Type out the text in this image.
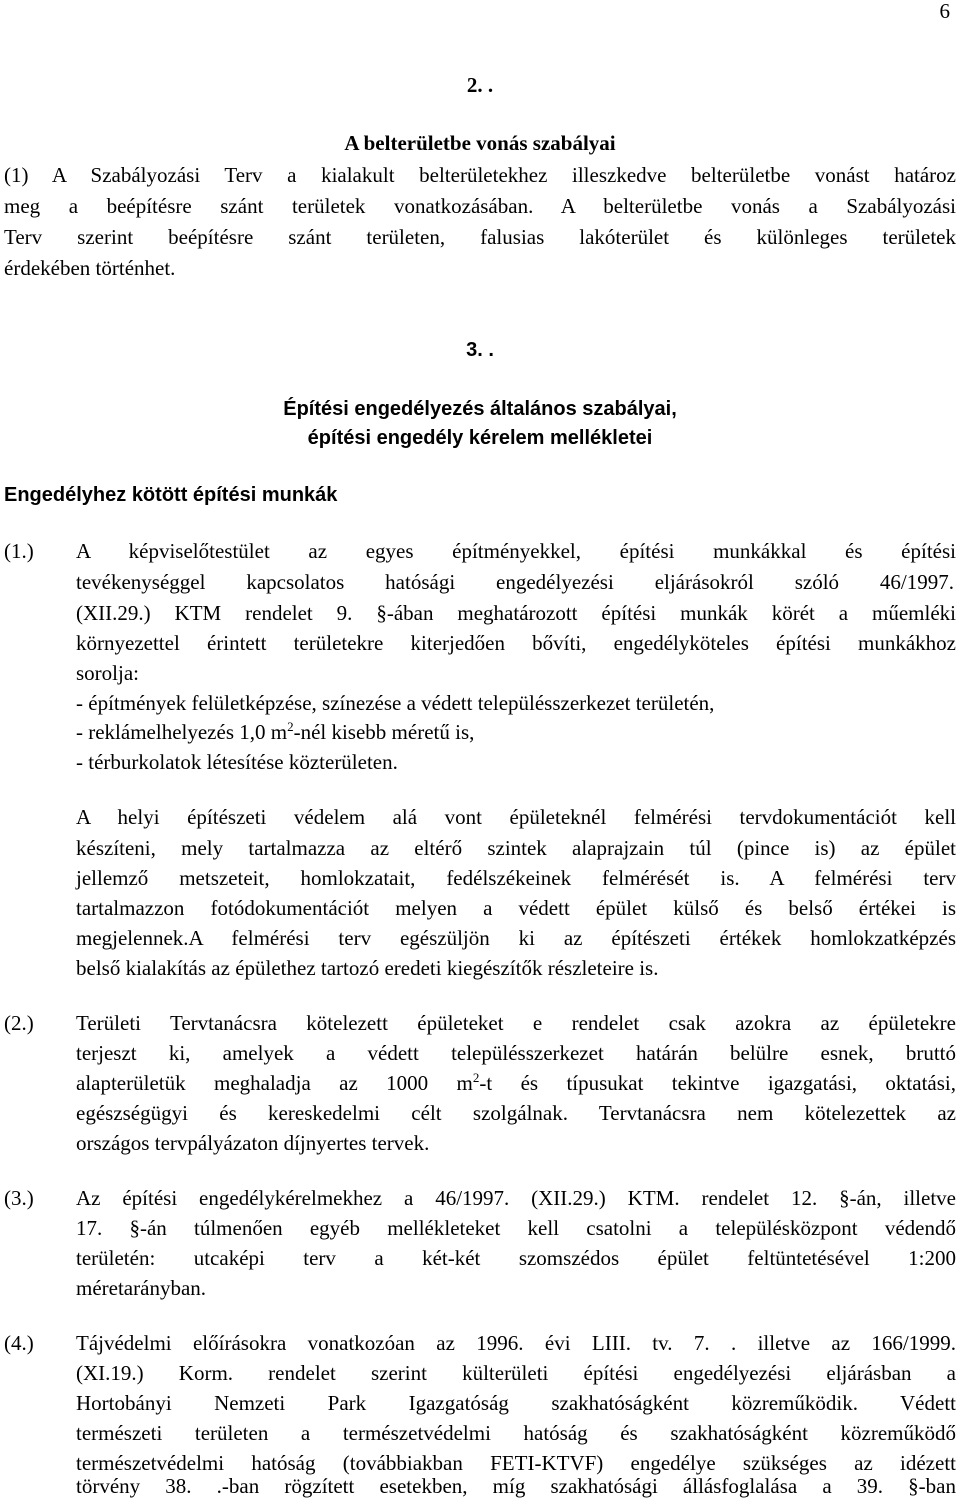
6
2. .
A belterületbe vonás szabályai
(1) A Szabályozási Terv a kialakult belterületekhez illeszkedve belterületbe vonást határoz
meg a beépítésre szánt területek vonatkozásában. A belterületbe vonás a Szabályozási
Terv szerint beépítésre szánt területen, falusias lakóterület és különleges területek
érdekében történhet.
3. .
Építési engedélyezés általános szabályai,
építési engedély kérelem mellékletei
Engedélyhez kötött építési munkák
(1.) A képviselőtestület az egyes építményekkel, építési munkákkal és építési
tevékenységgel kapcsolatos hatósági engedélyezési eljárásokról szóló 46/1997.
(XII.29.) KTM rendelet 9. §-ában meghatározott építési munkák körét a műemléki
környezettel érintett területekre kiterjedően bővíti, engedélyköteles építési munkákhoz
sorolja:
- építmények felületképzése, színezése a védett településszerkezet területén,
- reklámelhelyezés 1,0 $m^2$-nél kisebb méretű is,
- térburkolatok létesítése közterületen.
A helyi építészeti védelem alá vont épületeknél felmérési tervdokumentációt kell
készíteni, mely tartalmazza az eltérő szintek alaprajzain túl (pince is) az épület
jellemző metszeteit, homlokzatait, fedélszékeinek felmérését is. A felmérési terv
tartalmazzon fotódokumentációt melyen a védett épület külső és belső értékei is
megjelennek.A felmérési terv egészüljön ki az építészeti értékek homlokzatképzés
belső kialakítás az épülethez tartozó eredeti kiegészítők részleteire is.
(2.) Területi Tervtanácsra kötelezett épületeket e rendelet csak azokra az épületekre
terjeszt ki, amelyek a védett településszerkezet határán belülre esnek, bruttó
alapterületük meghaladja az 1000 $m^2-t$ és típusukat tekintve igazgatási, oktatási,
egészségügyi és kereskedelmi célt szolgálnak. Tervtanácsra nem kötelezettek az
országos tervpályázaton díjnyertes tervek.
(3.) Az építési engedélykérelmekhez a 46/1997. (XII.29.) KTM. rendelet 12. §-án, illetve
17. §-án túlmenően egyéb mellékleteket kell csatolni a településközpont védendő
területén: utcaképi terv a két-két szomszédos épület feltüntetésével 1:200
méretarányban.
(4.) Tájvédelmi előírásokra vonatkozóan az 1996. évi LIII. tv. 7. . illetve az 166/1999.
(XI.19.) Korm. rendelet szerint külterületi építési engedélyezési eljárásban a
Hortobányi Nemzeti Park Igazgatóság szakhatóságként közreműködik. Védett
természeti területen a természetvédelmi hatóság és szakhatóságként közreműködő
természetvédelmi hatóság (továbbiakban FETI-KTVF) engedélye szükséges az idézett
törvény 38. .-ban rögzített esetekben, míg szakhatósági állásfoglalása a 39. §-ban
